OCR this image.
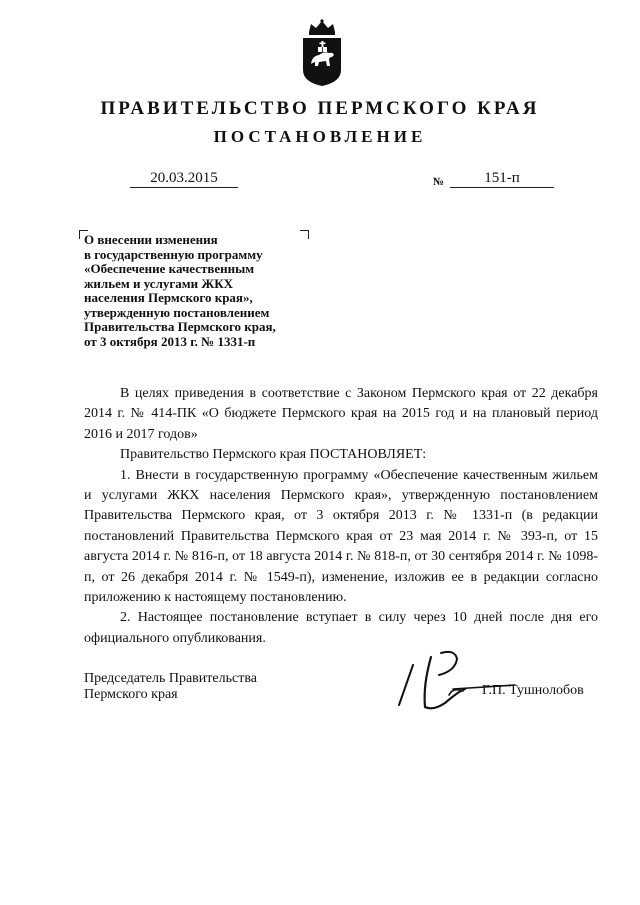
ПРАВИТЕЛЬСТВО ПЕРМСКОГО КРАЯ
ПОСТАНОВЛЕНИЕ
20.03.2015	№	151-п
О внесении изменения
в государственную программу
«Обеспечение качественным
жильем и услугами ЖКХ
населения Пермского края»,
утвержденную постановлением
Правительства Пермского края,
от 3 октября 2013 г. № 1331-п

В целях приведения в соответствие с Законом Пермского края от 22 декабря 2014 г. № 414-ПК «О бюджете Пермского края на 2015 год и на плановый период 2016 и 2017 годов»

Правительство Пермского края ПОСТАНОВЛЯЕТ:

1. Внести в государственную программу «Обеспечение качественным жильем и услугами ЖКХ населения Пермского края», утвержденную постановлением Правительства Пермского края, от 3 октября 2013 г. № 1331-п (в редакции постановлений Правительства Пермского края от 23 мая 2014 г. № 393-п, от 15 августа 2014 г. № 816-п, от 18 августа 2014 г. № 818-п, от 30 сентября 2014 г. № 1098-п, от 26 декабря 2014 г. № 1549-п), изменение, изложив ее в редакции согласно приложению к настоящему постановлению.

2. Настоящее постановление вступает в силу через 10 дней после дня его официального опубликования.

Председатель Правительства
Пермского края	Г.П. Тушнолобов
